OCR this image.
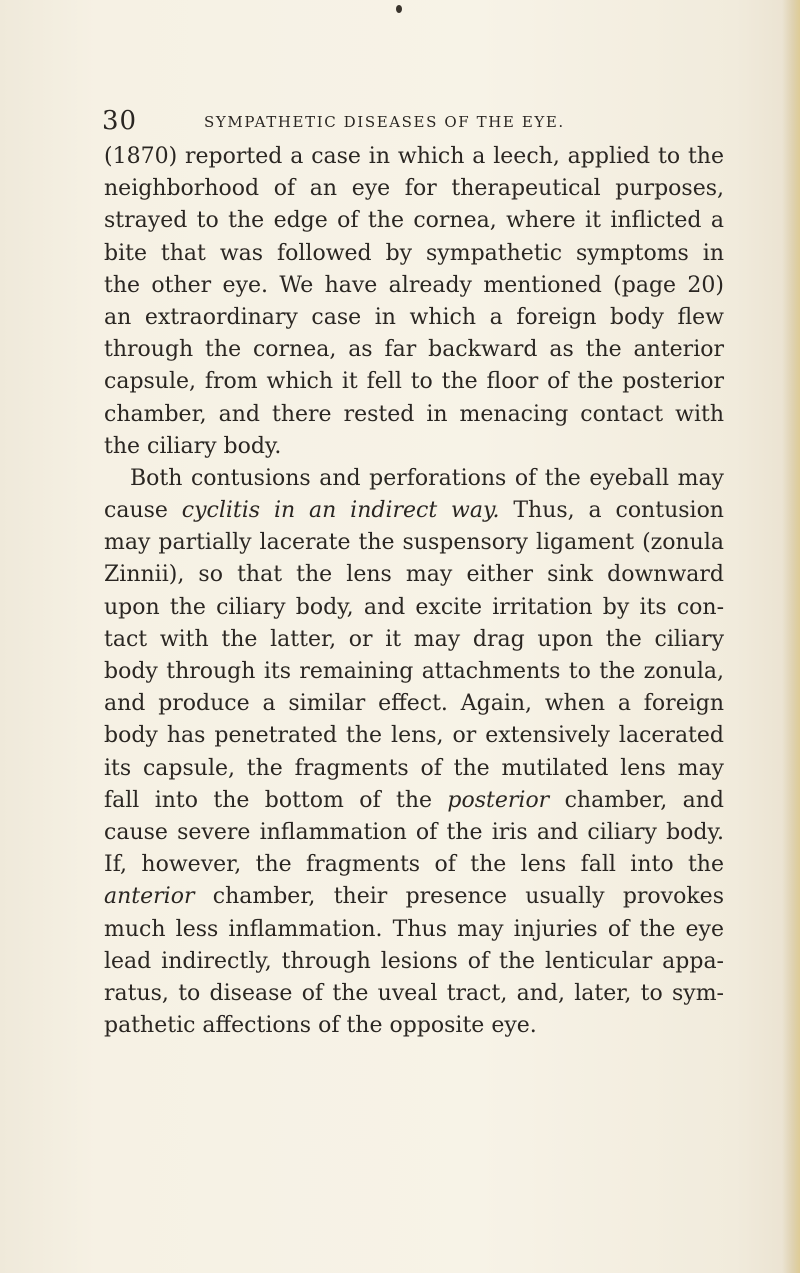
30	SYMPATHETIC DISEASES OF THE EYE.
(1870) reported a case in which a leech, applied to the
neighborhood of an eye for therapeutical purposes,
strayed to the edge of the cornea, where it inflicted a
bite that was followed by sympathetic symptoms in
the other eye. We have already mentioned (page 20)
an extraordinary case in which a foreign body flew
through the cornea, as far backward as the anterior
capsule, from which it fell to the floor of the posterior
chamber, and there rested in menacing contact with
the ciliary body.
Both contusions and perforations of the eyeball may
cause cyclitis in an indirect way. Thus, a contusion
may partially lacerate the suspensory ligament (zonula
Zinnii), so that the lens may either sink downward
upon the ciliary body, and excite irritation by its con-
tact with the latter, or it may drag upon the ciliary
body through its remaining attachments to the zonula,
and produce a similar effect. Again, when a foreign
body has penetrated the lens, or extensively lacerated
its capsule, the fragments of the mutilated lens may
fall into the bottom of the posterior chamber, and
cause severe inflammation of the iris and ciliary body.
If, however, the fragments of the lens fall into the
anterior chamber, their presence usually provokes
much less inflammation. Thus may injuries of the eye
lead indirectly, through lesions of the lenticular appa-
ratus, to disease of the uveal tract, and, later, to sym-
pathetic affections of the opposite eye.
